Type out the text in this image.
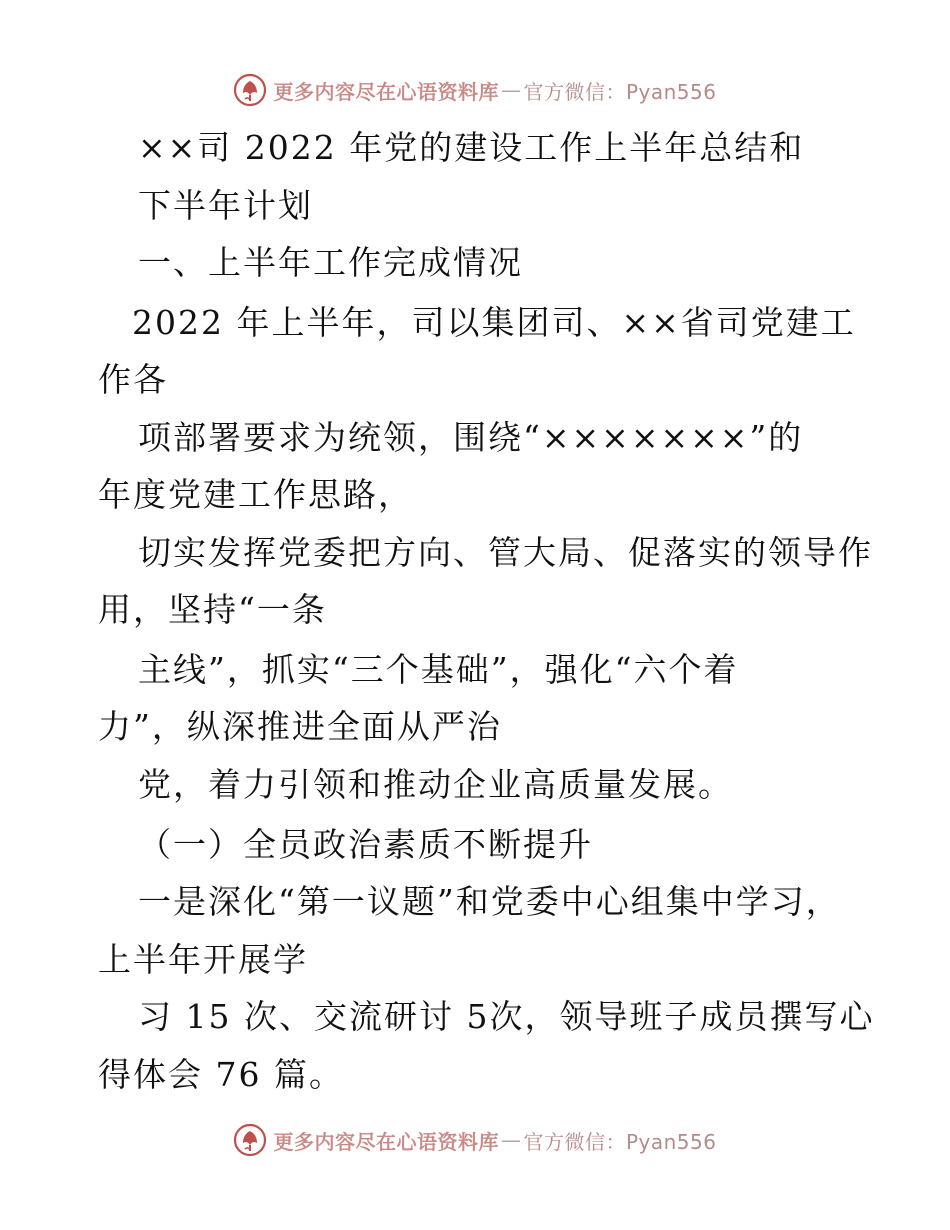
更多内容尽在心语资料库 — 官方微信：Pyan556
××司 2022 年党的建设工作上半年总结和
下半年计划
一、上半年工作完成情况
2022 年上半年，司以集团司、××省司党建工
作各
项部署要求为统领，围绕“×××××××”的
年度党建工作思路，
切实发挥党委把方向、管大局、促落实的领导作
用，坚持“一条
主线”，抓实“三个基础”，强化“六个着
力”，纵深推进全面从严治
党，着力引领和推动企业高质量发展。
（一）全员政治素质不断提升
一是深化“第一议题”和党委中心组集中学习，
上半年开展学
习 15 次、交流研讨 5次，领导班子成员撰写心
得体会 76 篇。
更多内容尽在心语资料库 — 官方微信：Pyan556
